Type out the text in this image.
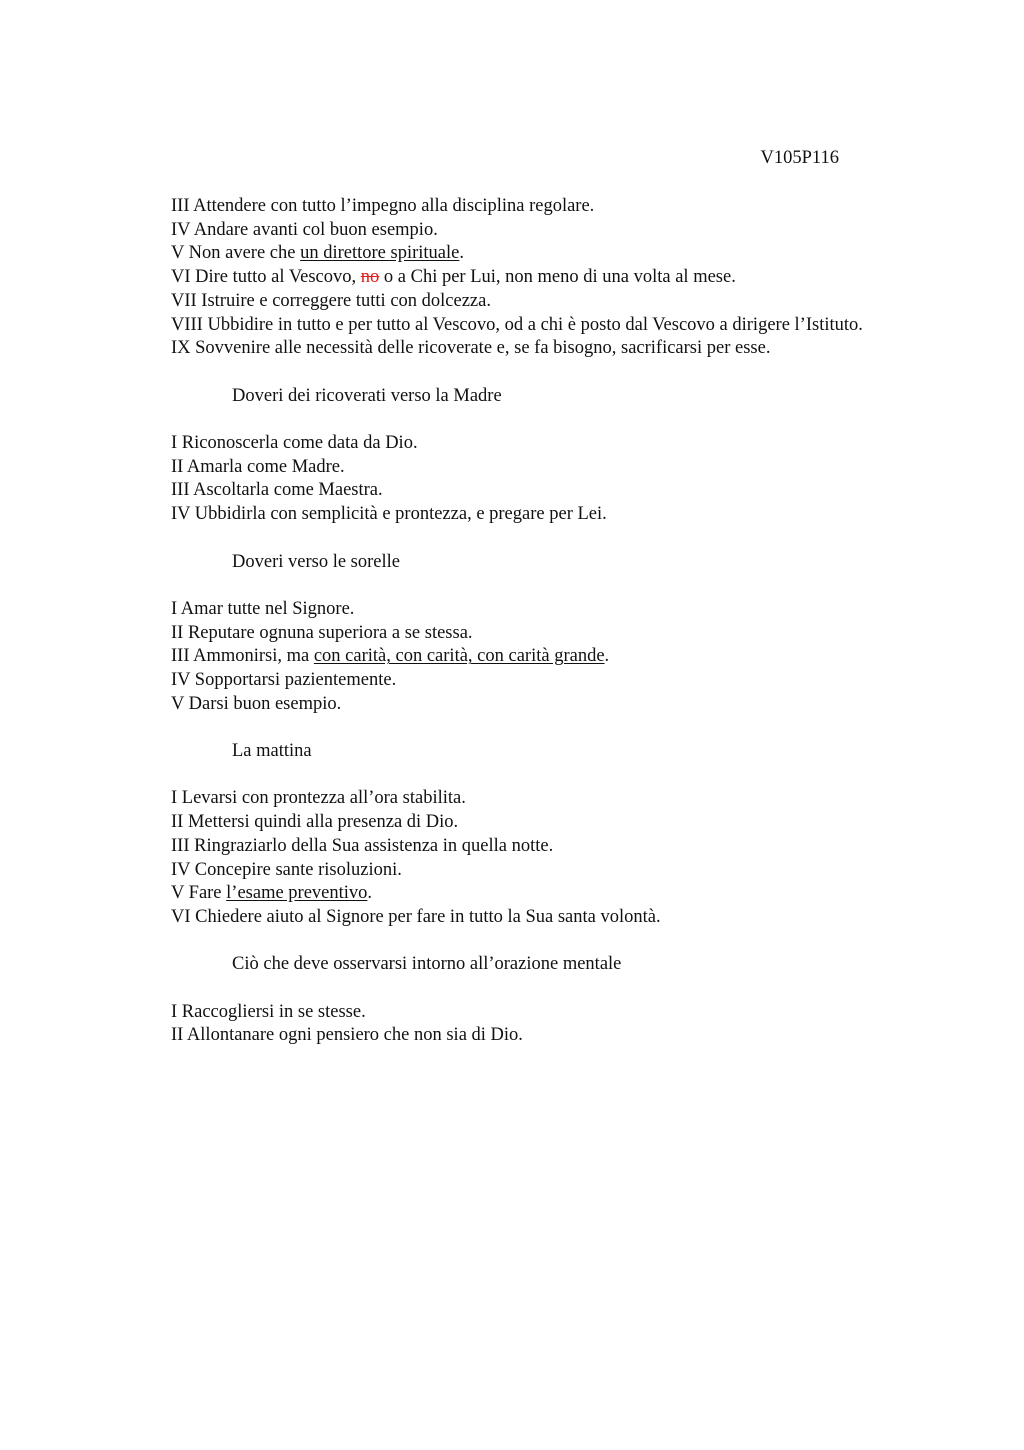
V105P116
III Attendere con tutto l’impegno alla disciplina regolare.
IV Andare avanti col buon esempio.
V Non avere che un direttore spirituale.
VI Dire tutto al Vescovo, no o a Chi per Lui, non meno di una volta al mese.
VII Istruire e correggere tutti con dolcezza.
VIII Ubbidire in tutto e per tutto al Vescovo, od a chi è posto dal Vescovo a dirigere l’Istituto.
IX Sovvenire alle necessità delle ricoverate e, se fa bisogno, sacrificarsi per esse.
Doveri dei ricoverati verso la Madre
I Riconoscerla come data da Dio.
II Amarla come Madre.
III Ascoltarla come Maestra.
IV Ubbidirla con semplicità e prontezza, e pregare per Lei.
Doveri verso le sorelle
I Amar tutte nel Signore.
II Reputare ognuna superiora a se stessa.
III Ammonirsi, ma con carità, con carità, con carità grande.
IV Sopportarsi pazientemente.
V Darsi buon esempio.
La mattina
I Levarsi con prontezza all’ora stabilita.
II Mettersi quindi alla presenza di Dio.
III Ringraziarlo della Sua assistenza in quella notte.
IV Concepire sante risoluzioni.
V Fare l’esame preventivo.
VI Chiedere aiuto al Signore per fare in tutto la Sua santa volontà.
Ciò che deve osservarsi intorno all’orazione mentale
I Raccogliersi in se stesse.
II Allontanare ogni pensiero che non sia di Dio.
